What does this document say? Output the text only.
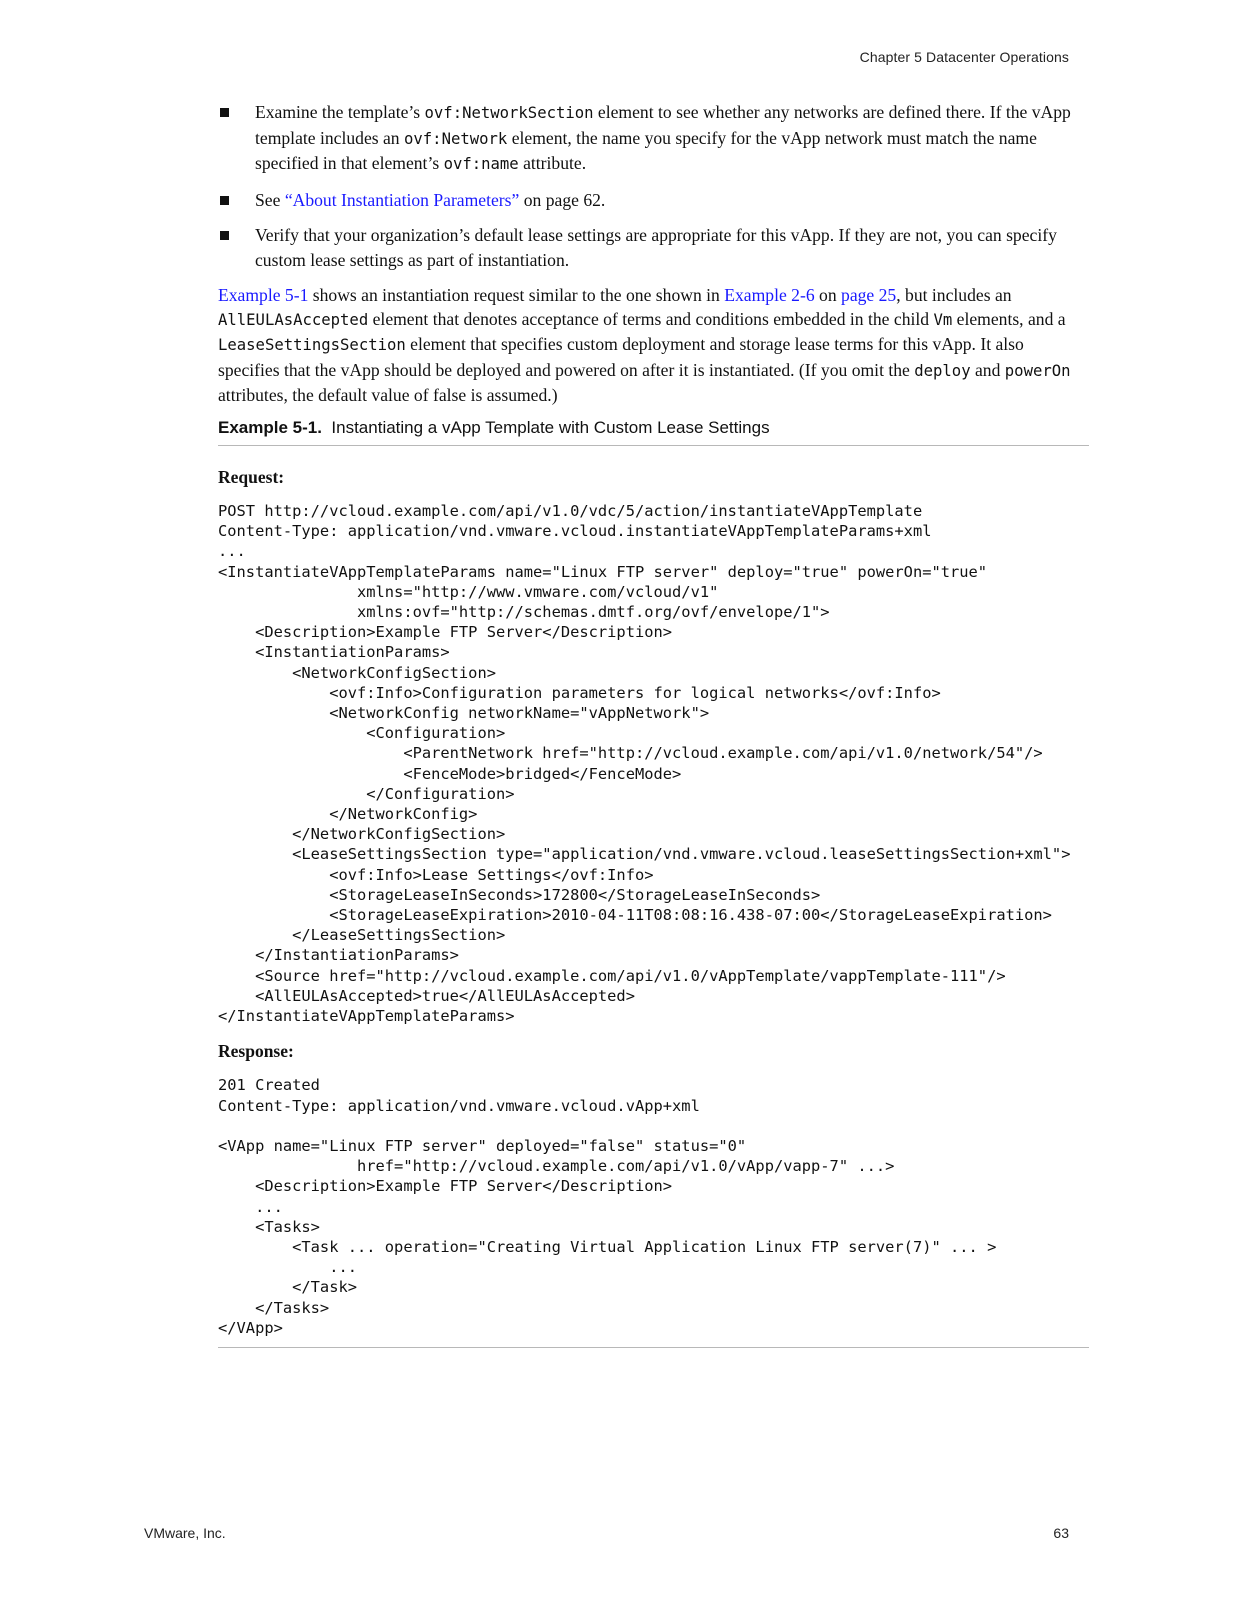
Chapter 5 Datacenter Operations
Examine the template’s ovf:NetworkSection element to see whether any networks are defined there. If the vApp template includes an ovf:Network element, the name you specify for the vApp network must match the name specified in that element’s ovf:name attribute.
See “About Instantiation Parameters” on page 62.
Verify that your organization’s default lease settings are appropriate for this vApp. If they are not, you can specify custom lease settings as part of instantiation.

Example 5-1 shows an instantiation request similar to the one shown in Example 2-6 on page 25, but includes an AllEULAsAccepted element that denotes acceptance of terms and conditions embedded in the child Vm elements, and a LeaseSettingsSection element that specifies custom deployment and storage lease terms for this vApp. It also specifies that the vApp should be deployed and powered on after it is instantiated. (If you omit the deploy and powerOn attributes, the default value of false is assumed.)

Example 5-1. Instantiating a vApp Template with Custom Lease Settings

Request:

POST http://vcloud.example.com/api/v1.0/vdc/5/action/instantiateVAppTemplate
Content-Type: application/vnd.vmware.vcloud.instantiateVAppTemplateParams+xml
...
<InstantiateVAppTemplateParams name="Linux FTP server" deploy="true" powerOn="true"
xmlns="http://www.vmware.com/vcloud/v1"
xmlns:ovf="http://schemas.dmtf.org/ovf/envelope/1">
<Description>Example FTP Server</Description>
<InstantiationParams>
<NetworkConfigSection>
<ovf:Info>Configuration parameters for logical networks</ovf:Info>
<NetworkConfig networkName="vAppNetwork">
<Configuration>
<ParentNetwork href="http://vcloud.example.com/api/v1.0/network/54"/>
<FenceMode>bridged</FenceMode>
</Configuration>
</NetworkConfig>
</NetworkConfigSection>
<LeaseSettingsSection type="application/vnd.vmware.vcloud.leaseSettingsSection+xml">
<ovf:Info>Lease Settings</ovf:Info>
<StorageLeaseInSeconds>172800</StorageLeaseInSeconds>
<StorageLeaseExpiration>2010-04-11T08:08:16.438-07:00</StorageLeaseExpiration>
</LeaseSettingsSection>
</InstantiationParams>
<Source href="http://vcloud.example.com/api/v1.0/vAppTemplate/vappTemplate-111"/>
<AllEULAsAccepted>true</AllEULAsAccepted>
</InstantiateVAppTemplateParams>

Response:

201 Created
Content-Type: application/vnd.vmware.vcloud.vApp+xml

<VApp name="Linux FTP server" deployed="false" status="0"
href="http://vcloud.example.com/api/v1.0/vApp/vapp-7" ...>
<Description>Example FTP Server</Description>
...
<Tasks>
<Task ... operation="Creating Virtual Application Linux FTP server(7)" ... >
...
</Task>
</Tasks>
</VApp>
VMware, Inc.	63
